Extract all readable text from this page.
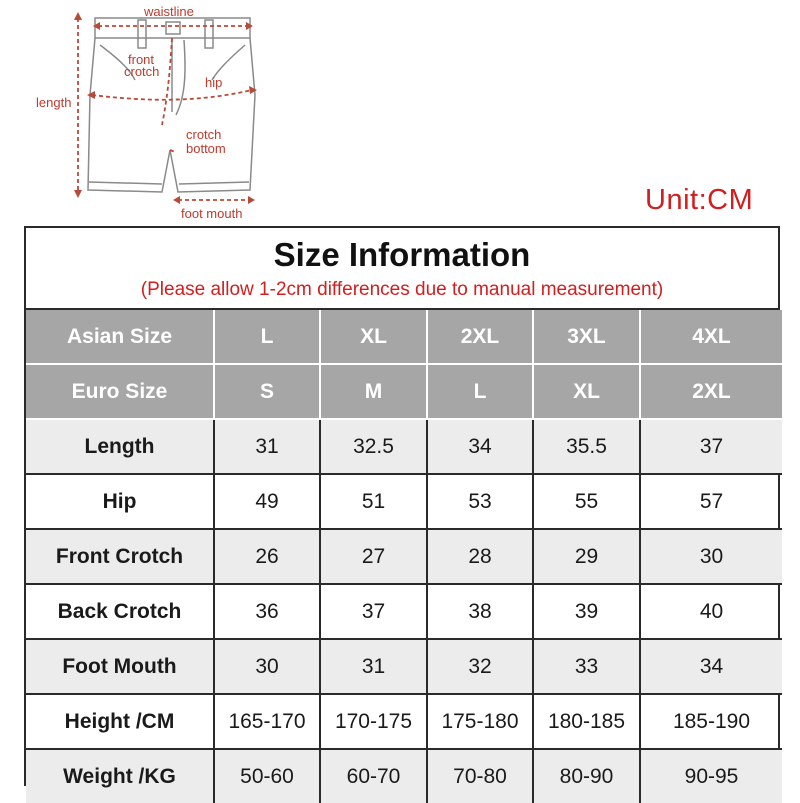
waistline
front
crotch
hip
length
crotch
bottom
foot mouth	Unit:CM
Size Information
(Please allow 1-2cm differences due to manual measurement)
Asian Size	L	XL	2XL	3XL	4XL
Euro Size	S	M	L	XL	2XL
Length	31	32.5	34	35.5	37
Hip	49	51	53	55	57
Front Crotch	26	27	28	29	30
Back Crotch	36	37	38	39	40
Foot Mouth	30	31	32	33	34
Height /CM	165-170	170-175	175-180	180-185	185-190
Weight /KG	50-60	60-70	70-80	80-90	90-95
